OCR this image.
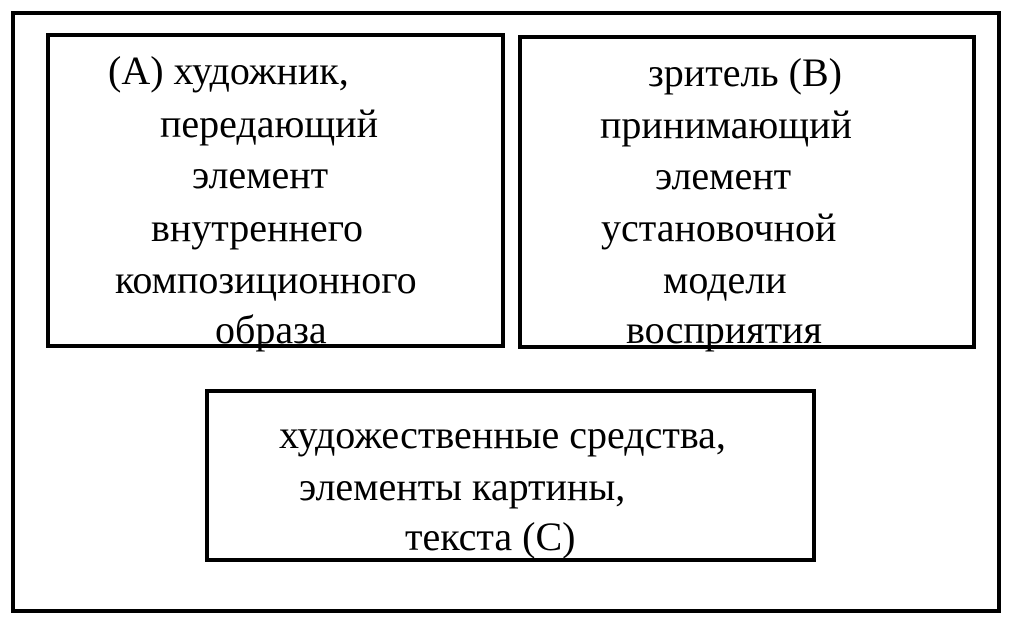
(А) художник,
передающий
элемент
внутреннего
композиционного
образа
зритель (В)
принимающий
элемент
установочной
модели
восприятия
художественные средства,
элементы картины,
текста (С)
